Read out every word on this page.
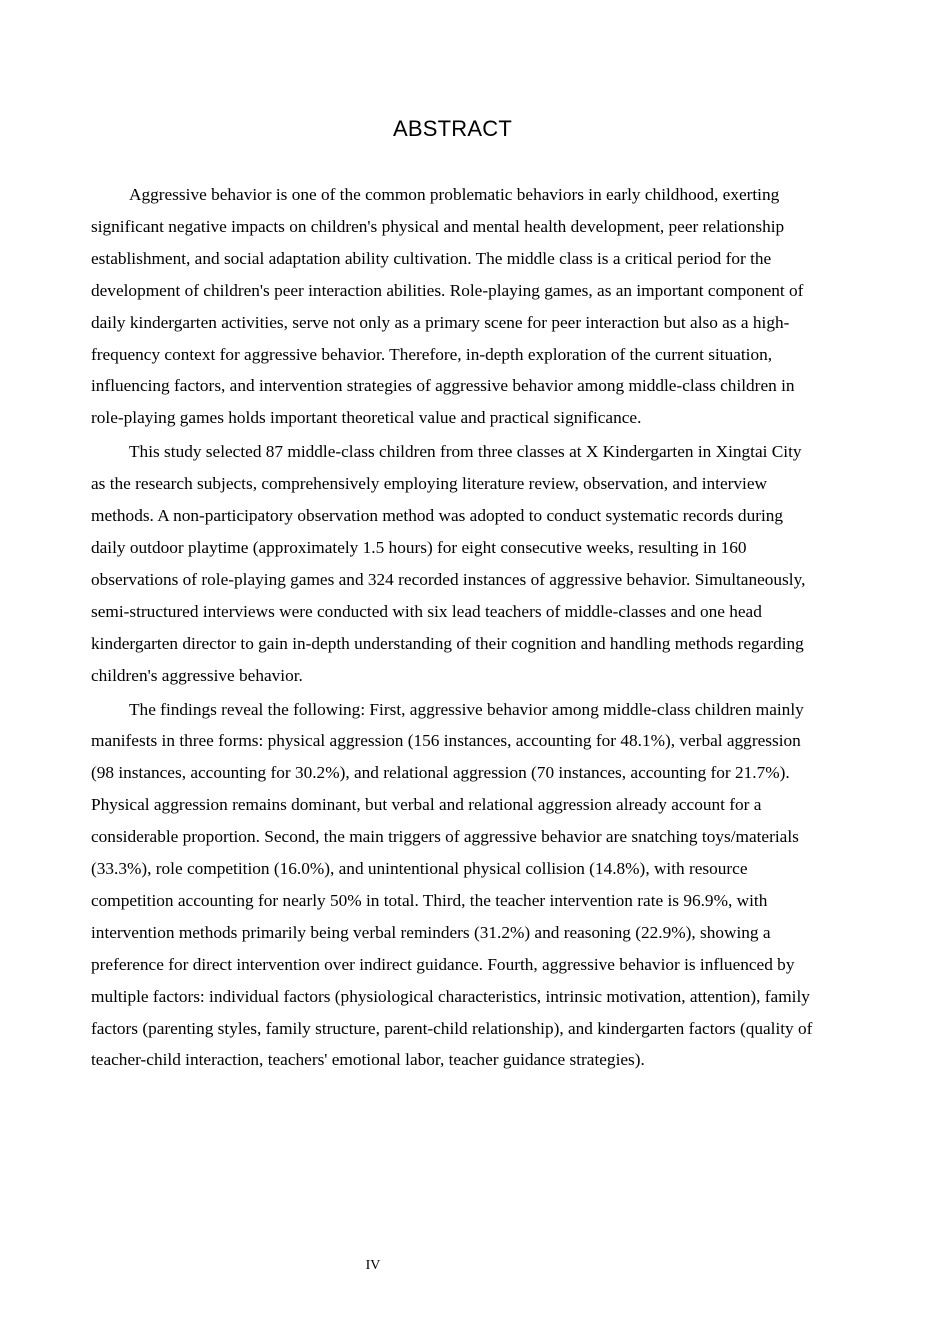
ABSTRACT

Aggressive behavior is one of the common problematic behaviors in early childhood, exerting significant negative impacts on children's physical and mental health development, peer relationship establishment, and social adaptation ability cultivation. The middle class is a critical period for the development of children's peer interaction abilities. Role-playing games, as an important component of daily kindergarten activities, serve not only as a primary scene for peer interaction but also as a high-frequency context for aggressive behavior. Therefore, in-depth exploration of the current situation, influencing factors, and intervention strategies of aggressive behavior among middle-class children in role-playing games holds important theoretical value and practical significance.

This study selected 87 middle-class children from three classes at X Kindergarten in Xingtai City as the research subjects, comprehensively employing literature review, observation, and interview methods. A non-participatory observation method was adopted to conduct systematic records during daily outdoor playtime (approximately 1.5 hours) for eight consecutive weeks, resulting in 160 observations of role-playing games and 324 recorded instances of aggressive behavior. Simultaneously, semi-structured interviews were conducted with six lead teachers of middle-classes and one head kindergarten director to gain in-depth understanding of their cognition and handling methods regarding children's aggressive behavior.

The findings reveal the following: First, aggressive behavior among middle-class children mainly manifests in three forms: physical aggression (156 instances, accounting for 48.1%), verbal aggression (98 instances, accounting for 30.2%), and relational aggression (70 instances, accounting for 21.7%). Physical aggression remains dominant, but verbal and relational aggression already account for a considerable proportion. Second, the main triggers of aggressive behavior are snatching toys/materials (33.3%), role competition (16.0%), and unintentional physical collision (14.8%), with resource competition accounting for nearly 50% in total. Third, the teacher intervention rate is 96.9%, with intervention methods primarily being verbal reminders (31.2%) and reasoning (22.9%), showing a preference for direct intervention over indirect guidance. Fourth, aggressive behavior is influenced by multiple factors: individual factors (physiological characteristics, intrinsic motivation, attention), family factors (parenting styles, family structure, parent-child relationship), and kindergarten factors (quality of teacher-child interaction, teachers' emotional labor, teacher guidance strategies).

IV
